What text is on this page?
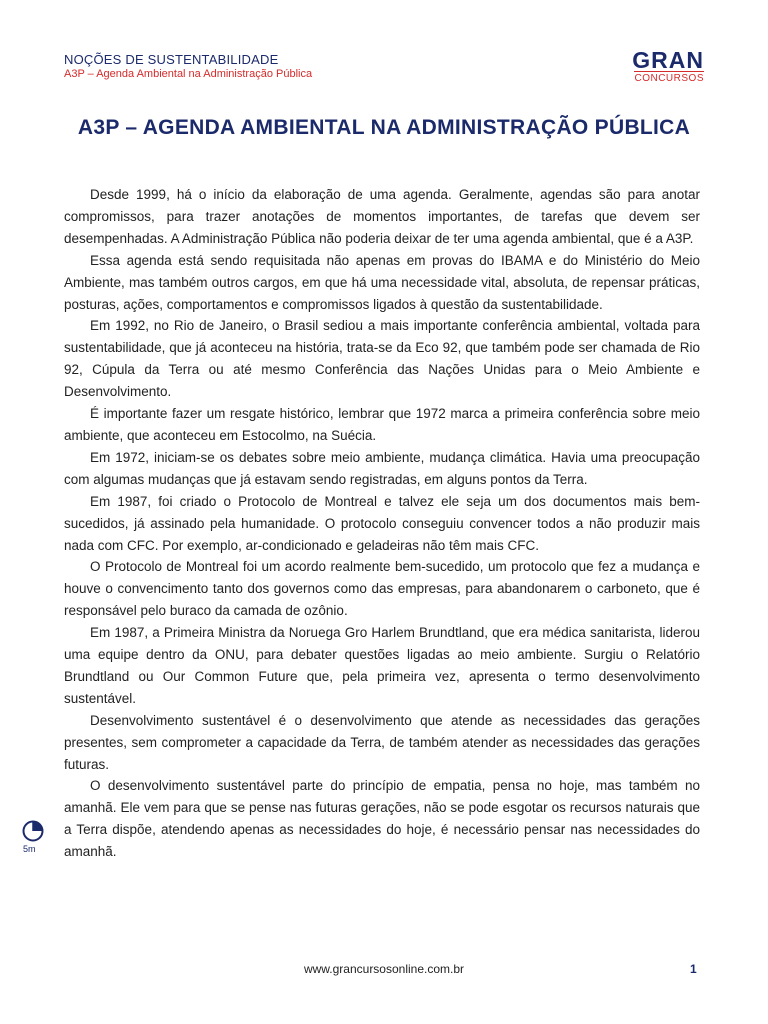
NOÇÕES DE SUSTENTABILIDADE
A3P – Agenda Ambiental na Administração Pública
GRAN
CONCURSOS
A3P – AGENDA AMBIENTAL NA ADMINISTRAÇÃO PÚBLICA

Desde 1999, há o início da elaboração de uma agenda. Geralmente, agendas são para anotar compromissos, para trazer anotações de momentos importantes, de tarefas que devem ser desempenhadas. A Administração Pública não poderia deixar de ter uma agenda ambiental, que é a A3P.

Essa agenda está sendo requisitada não apenas em provas do IBAMA e do Ministério do Meio Ambiente, mas também outros cargos, em que há uma necessidade vital, absoluta, de repensar práticas, posturas, ações, comportamentos e compromissos ligados à questão da sustentabilidade.

Em 1992, no Rio de Janeiro, o Brasil sediou a mais importante conferência ambiental, voltada para sustentabilidade, que já aconteceu na história, trata-se da Eco 92, que também pode ser chamada de Rio 92, Cúpula da Terra ou até mesmo Conferência das Nações Unidas para o Meio Ambiente e Desenvolvimento.

É importante fazer um resgate histórico, lembrar que 1972 marca a primeira conferência sobre meio ambiente, que aconteceu em Estocolmo, na Suécia.

Em 1972, iniciam-se os debates sobre meio ambiente, mudança climática. Havia uma preocupação com algumas mudanças que já estavam sendo registradas, em alguns pontos da Terra.

Em 1987, foi criado o Protocolo de Montreal e talvez ele seja um dos documentos mais bem-sucedidos, já assinado pela humanidade. O protocolo conseguiu convencer todos a não produzir mais nada com CFC. Por exemplo, ar-condicionado e geladeiras não têm mais CFC.

O Protocolo de Montreal foi um acordo realmente bem-sucedido, um protocolo que fez a mudança e houve o convencimento tanto dos governos como das empresas, para abandonarem o carboneto, que é responsável pelo buraco da camada de ozônio.

Em 1987, a Primeira Ministra da Noruega Gro Harlem Brundtland, que era médica sanitarista, liderou uma equipe dentro da ONU, para debater questões ligadas ao meio ambiente. Surgiu o Relatório Brundtland ou Our Common Future que, pela primeira vez, apresenta o termo desenvolvimento sustentável.

Desenvolvimento sustentável é o desenvolvimento que atende as necessidades das gerações presentes, sem comprometer a capacidade da Terra, de também atender as necessidades das gerações futuras.

O desenvolvimento sustentável parte do princípio de empatia, pensa no hoje, mas também no amanhã. Ele vem para que se pense nas futuras gerações, não se pode esgotar os recursos naturais que a Terra dispõe, atendendo apenas as necessidades do hoje, é necessário pensar nas necessidades do amanhã.

5m
www.grancursosonline.com.br	1
